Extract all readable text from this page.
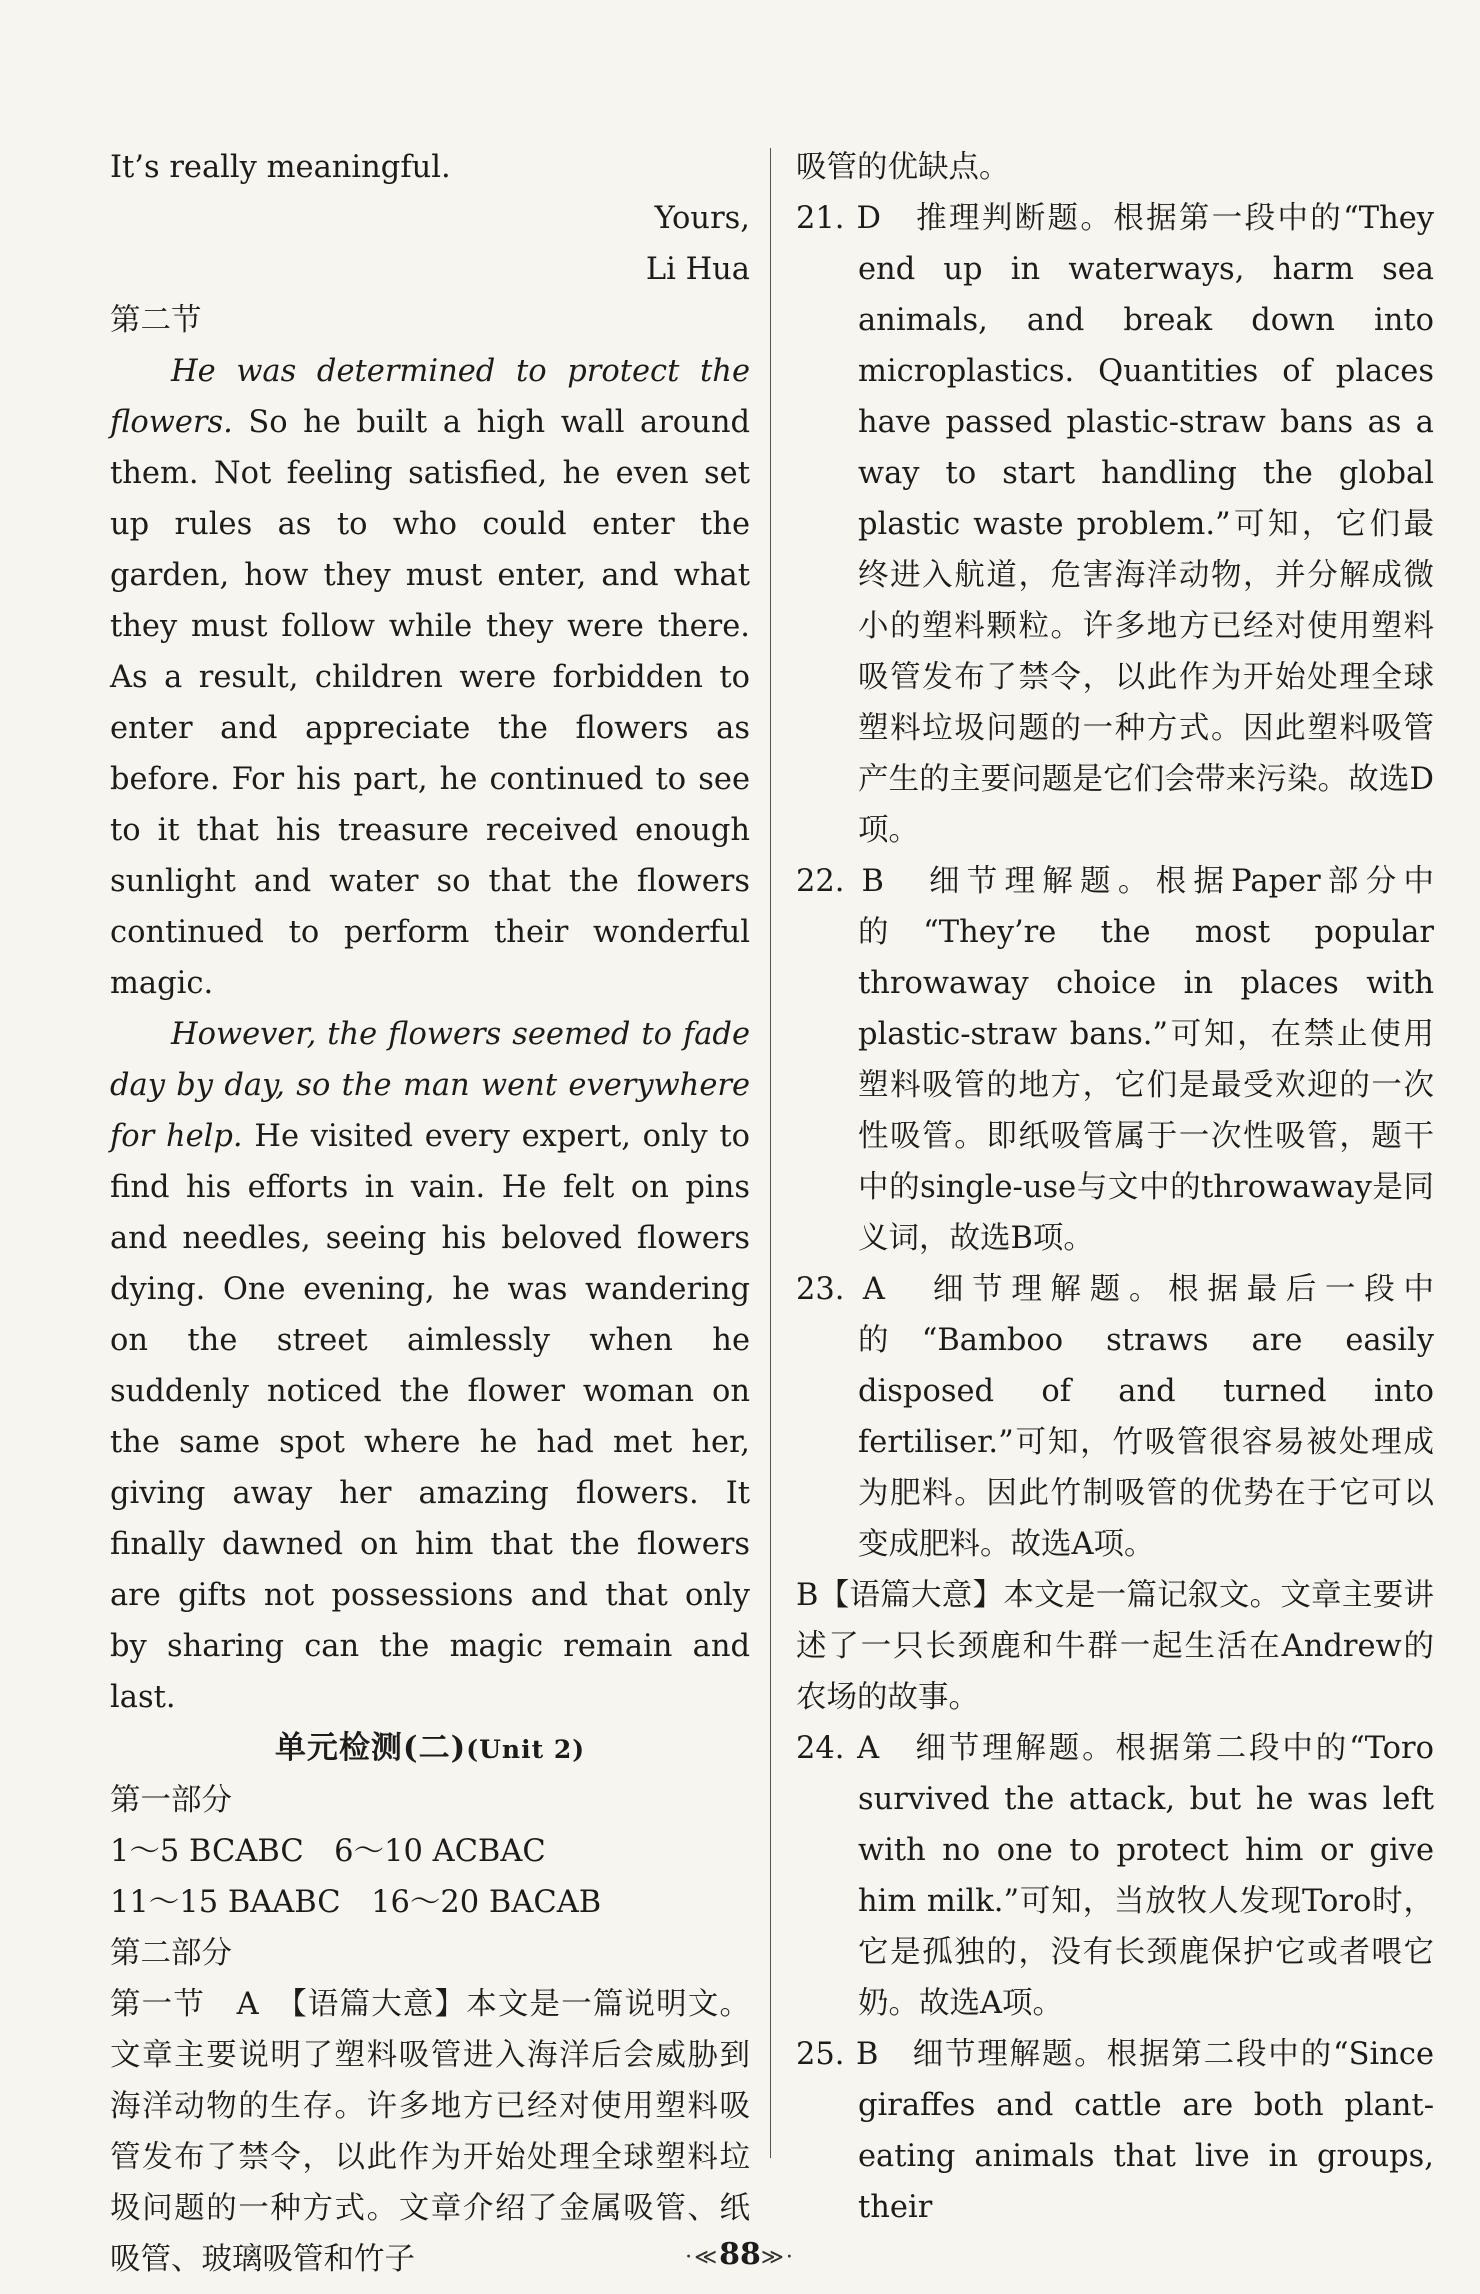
It’s really meaningful.

Yours,

Li Hua

第二节

He was determined to protect the flowers. So he built a high wall around them. Not feeling satisfied, he even set up rules as to who could enter the garden, how they must enter, and what they must follow while they were there. As a result, children were forbidden to enter and appreciate the flowers as before. For his part, he continued to see to it that his treasure received enough sunlight and water so that the flowers continued to perform their wonderful magic.

However, the flowers seemed to fade day by day, so the man went everywhere for help. He visited every expert, only to find his efforts in vain. He felt on pins and needles, seeing his beloved flowers dying. One evening, he was wandering on the street aimlessly when he suddenly noticed the flower woman on the same spot where he had met her, giving away her amazing flowers. It finally dawned on him that the flowers are gifts not possessions and that only by sharing can the magic remain and last.

单元检测(二)(Unit 2)

第一部分

1～5 BCABC　6～10 ACBAC

11～15 BAABC　16～20 BACAB

第二部分

第一节　A　【语篇大意】本文是一篇说明文。文章主要说明了塑料吸管进入海洋后会威胁到海洋动物的生存。许多地方已经对使用塑料吸管发布了禁令，以此作为开始处理全球塑料垃圾问题的一种方式。文章介绍了金属吸管、纸吸管、玻璃吸管和竹子

吸管的优缺点。

21. D　推理判断题。根据第一段中的“They end up in waterways, harm sea animals, and break down into microplastics. Quantities of places have passed plastic-straw bans as a way to start handling the global plastic waste problem.”可知，它们最终进入航道，危害海洋动物，并分解成微小的塑料颗粒。许多地方已经对使用塑料吸管发布了禁令，以此作为开始处理全球塑料垃圾问题的一种方式。因此塑料吸管产生的主要问题是它们会带来污染。故选D项。

22. B　细节理解题。根据Paper部分中的“They’re the most popular throwaway choice in places with plastic-straw bans.”可知，在禁止使用塑料吸管的地方，它们是最受欢迎的一次性吸管。即纸吸管属于一次性吸管，题干中的single-use与文中的throwaway是同义词，故选B项。

23. A　细节理解题。根据最后一段中的“Bamboo straws are easily disposed of and turned into fertiliser.”可知，竹吸管很容易被处理成为肥料。因此竹制吸管的优势在于它可以变成肥料。故选A项。

B【语篇大意】本文是一篇记叙文。文章主要讲述了一只长颈鹿和牛群一起生活在Andrew的农场的故事。

24. A　细节理解题。根据第二段中的“Toro survived the attack, but he was left with no one to protect him or give him milk.”可知，当放牧人发现Toro时，它是孤独的，没有长颈鹿保护它或者喂它奶。故选A项。

25. B　细节理解题。根据第二段中的“Since giraffes and cattle are both plant-eating animals that live in groups, their

·≪88≫·
